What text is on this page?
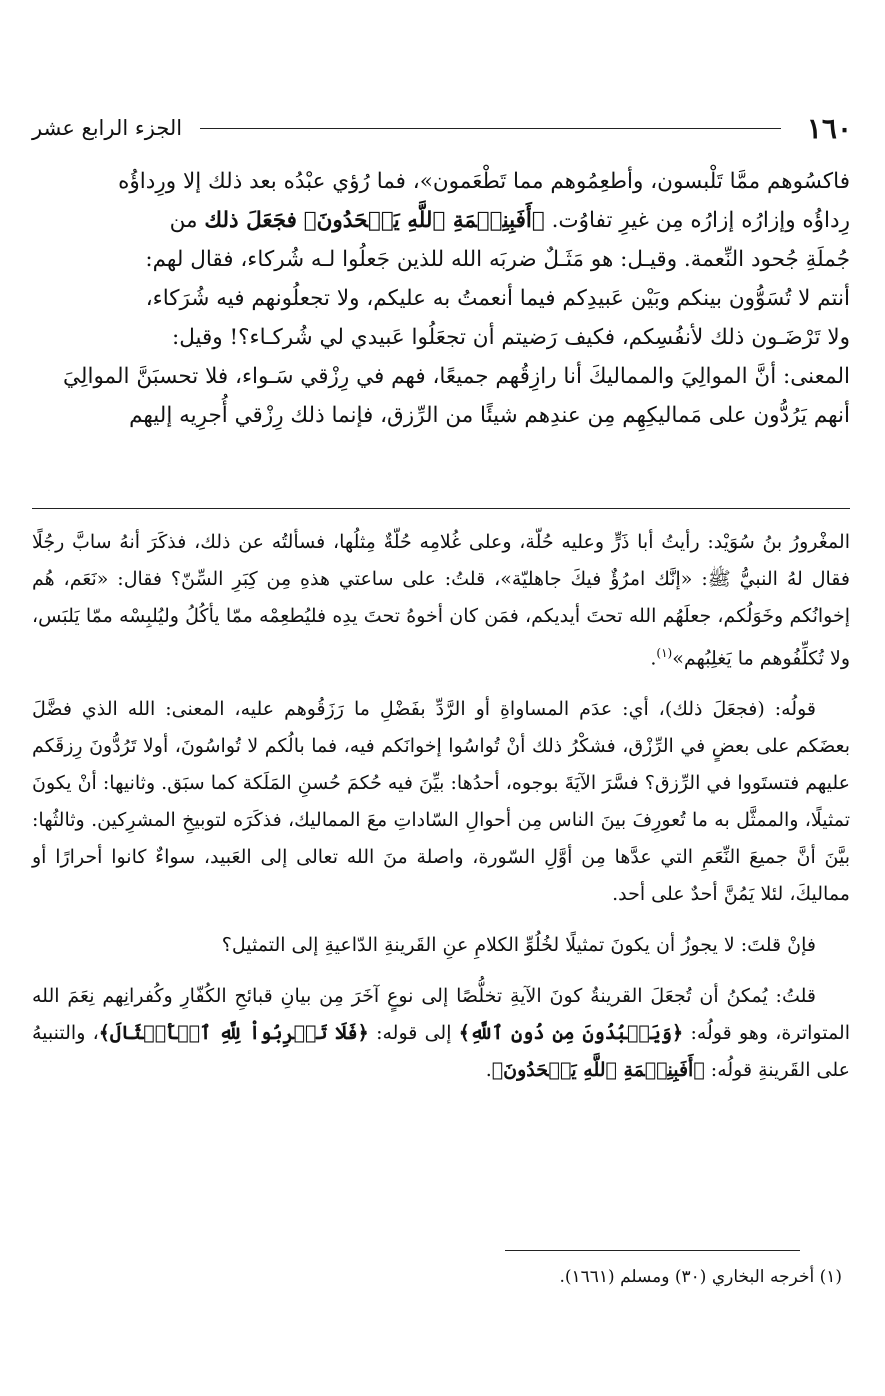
١٦٠
الجزء الرابع عشر

فاكسُوهم ممَّا تَلْبسون، وأطعِمُوهم مما تَطْعَمون»، فما رُؤي عبْدُه بعد ذلك إلا ورِداؤُه

رِداؤُه وإزارُه إزارُه مِن غيرِ تفاوُت. ﴿أَفَبِنِعۡمَةِ ٱللَّهِ يَجۡحَدُونَ﴾ فجَعَلَ ذلك من

جُملَةِ جُحود النِّعمة. وقيـل: هو مَثَـلٌ ضربَه الله للذين جَعلُوا لـه شُركاء، فقال لهم:

أنتم لا تُسَوُّون بينكم وبَيْن عَبيدِكم فيما أنعمتُ به عليكم، ولا تجعلُونهم فيه شُرَكاء،

ولا تَرْضَـون ذلك لأنفُسِكم، فكيف رَضيتم أن تجعَلُوا عَبيدي لي شُركـاء؟! وقيل:

المعنى: أنَّ الموالِيَ والمماليكَ أنا رازِقُهم جميعًا، فهم في رِزْقي سَـواء، فلا تحسبَنَّ الموالِيَ

أنهم يَرُدُّون على مَماليكِهِم مِن عندِهم شيئًا من الرِّزق، فإنما ذلك رِزْقي أُجرِيه إليهم

المغْرورُ بنُ سُوَيْد: رأيتُ أبا ذَرٍّ وعليه حُلّة، وعلى غُلامِه حُلّةٌ مِثلُها، فسألتُه عن ذلك، فذكَرَ أنهُ سابَّ رجُلًا فقال لهُ النبيُّ ﷺ: «إنَّك امرُؤٌ فيكَ جاهليّة»، قلتُ: على ساعتي هذهِ مِن كِبَرِ السِّنّ؟ فقال: «نَعَم، هُم إخوانُكم وخَوَلُكم، جعلَهُم الله تحتَ أيديكم، فمَن كان أخوهُ تحتَ يدِه فليُطعِمْه ممّا يأكُلُ وليُلبِسْه ممّا يَلبَس، ولا تُكلِّفُوهم ما يَغلِبُهم»$^{(١)}$.

قولُه: (فجعَلَ ذلك)، أي: عدَم المساواةِ أو الرَّدِّ بفَضْلِ ما رَزَقُوهم عليه، المعنى: الله الذي فضَّلَ بعضَكم على بعضٍ في الرِّزْق، فشكْرُ ذلك أنْ تُواسُوا إخوانَكم فيه، فما بالُكم لا تُواسُونَ، أولا تَرُدُّونَ رِزقَكم عليهم فتستَووا في الرِّزق؟ فسَّرَ الآيَةَ بوجوه، أحدُها: بيِّنَ فيه حُكمَ حُسنِ المَلَكة كما سبَق. وثانيها: أنْ يكونَ تمثيلًا، والممثَّل به ما تُعورِفَ بينَ الناس مِن أحوالِ السّاداتِ معَ المماليك، فذكَرَه لتوبيخِ المشرِكين. وثالثُها: بيَّنَ أنَّ جميعَ النِّعَمِ التي عدَّها مِن أوَّلِ السّورة، واصلة منَ الله تعالى إلى العَبيد، سواءٌ كانوا أحرارًا أو مماليكَ، لئلا يَمُنَّ أحدٌ على أحد.

فإنْ قلتَ: لا يجوزُ أن يكونَ تمثيلًا لخُلُوِّ الكلامِ عنِ القَرينةِ الدّاعيةِ إلى التمثيل؟

قلتُ: يُمكنُ أن تُجعَلَ القرينةُ كونَ الآيةِ تخلُّصًا إلى نوعٍ آخَرَ مِن بيانِ قبائحِ الكُفّارِ وكُفرانِهم نِعَمَ الله المتواترة، وهو قولُه: ﴿وَيَعۡبُدُونَ مِن دُونِ ٱللَّهِ﴾ إلى قوله: ﴿فَلَا تَضۡرِبُواْ لِلَّهِ ٱلۡأَمۡثَالَ﴾، والتنبيهُ على القَرينةِ قولُه: ﴿أَفَبِنِعۡمَةِ ٱللَّهِ يَجۡحَدُونَ﴾.

(١) أخرجه البخاري (٣٠) ومسلم (١٦٦١).
